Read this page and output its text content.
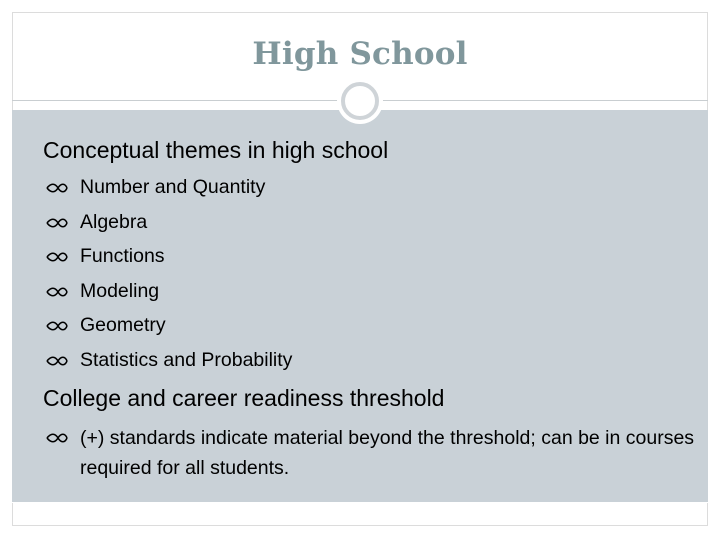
High School
Conceptual themes in high school
Number and Quantity
Algebra
Functions
Modeling
Geometry
Statistics and Probability
College and career readiness threshold
(+) standards indicate material beyond the threshold; can be in courses required for all students.
